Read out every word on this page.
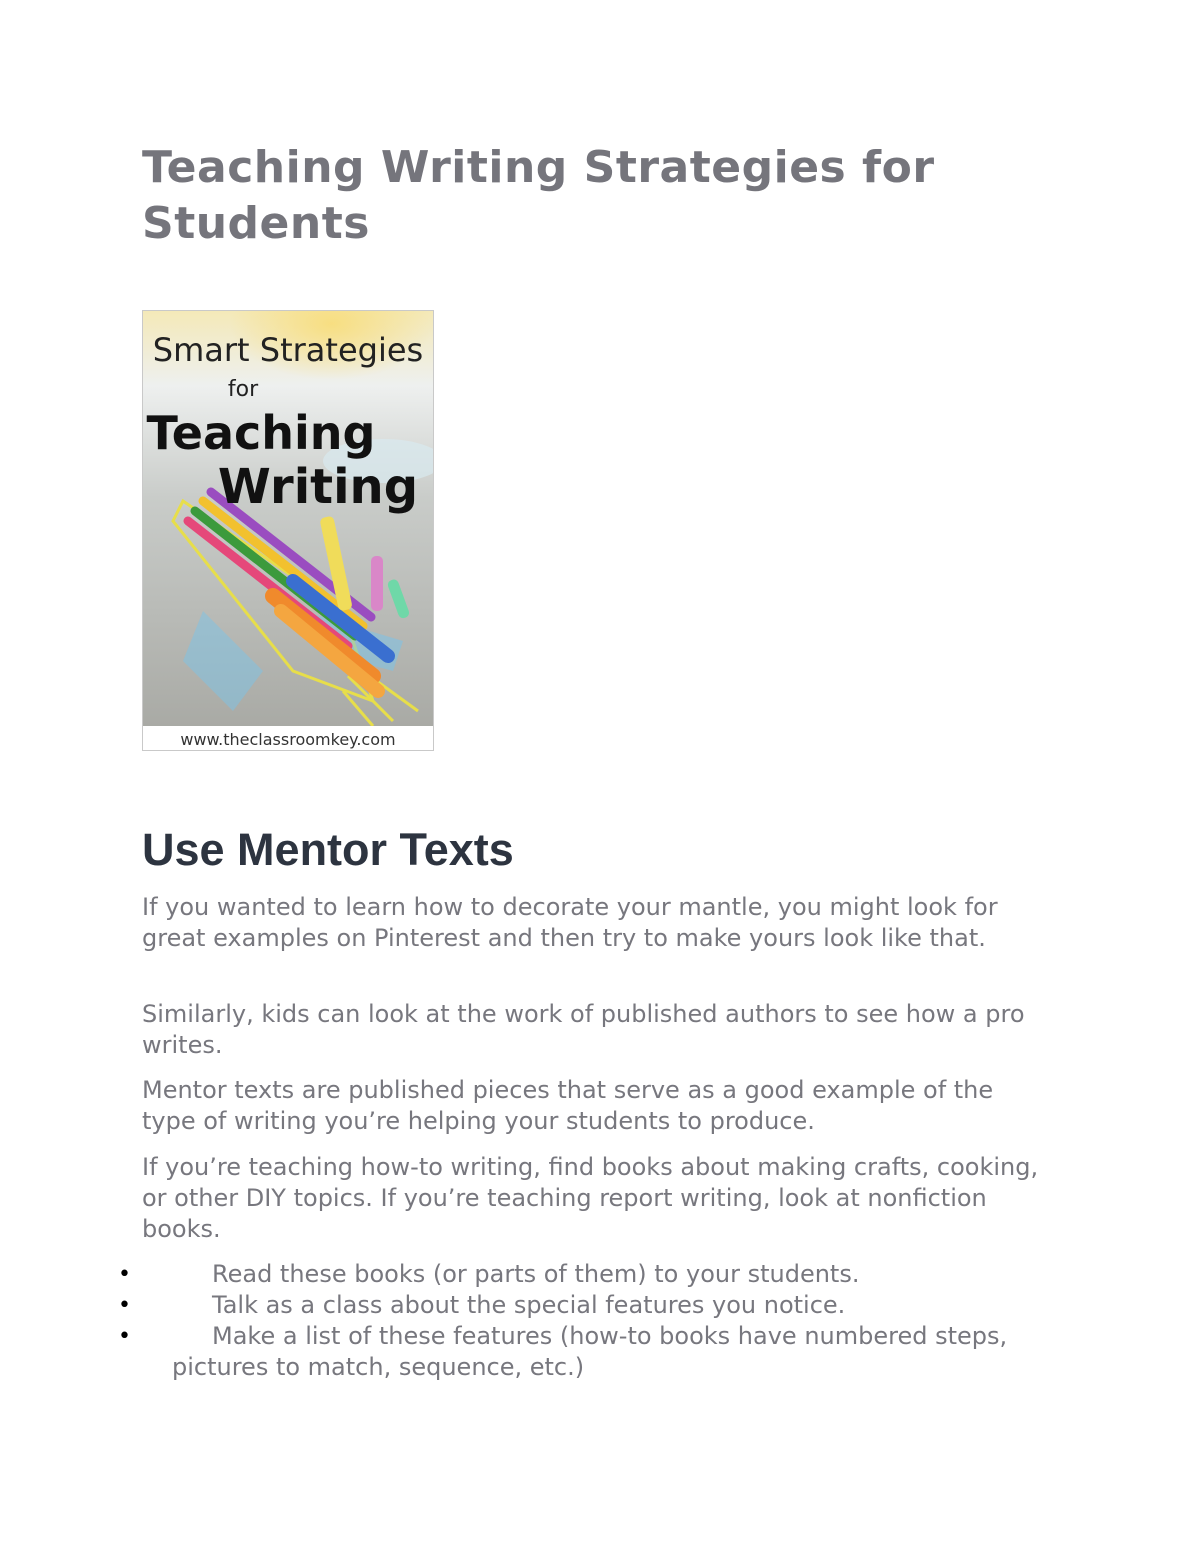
Teaching Writing Strategies for Students
Smart Strategies
for
Teaching
Writing
www.theclassroomkey.com
Use Mentor Texts

If you wanted to learn how to decorate your mantle, you might look for great examples on Pinterest and then try to make yours look like that.

Similarly, kids can look at the work of published authors to see how a pro writes.

Mentor texts are published pieces that serve as a good example of the type of writing you’re helping your students to produce.

If you’re teaching how-to writing, find books about making crafts, cooking, or other DIY topics. If you’re teaching report writing, look at nonfiction books.

•	Read these books (or parts of them) to your students.
•	Talk as a class about the special features you notice.
•	Make a list of these features (how-to books have numbered steps, pictures to match, sequence, etc.)
